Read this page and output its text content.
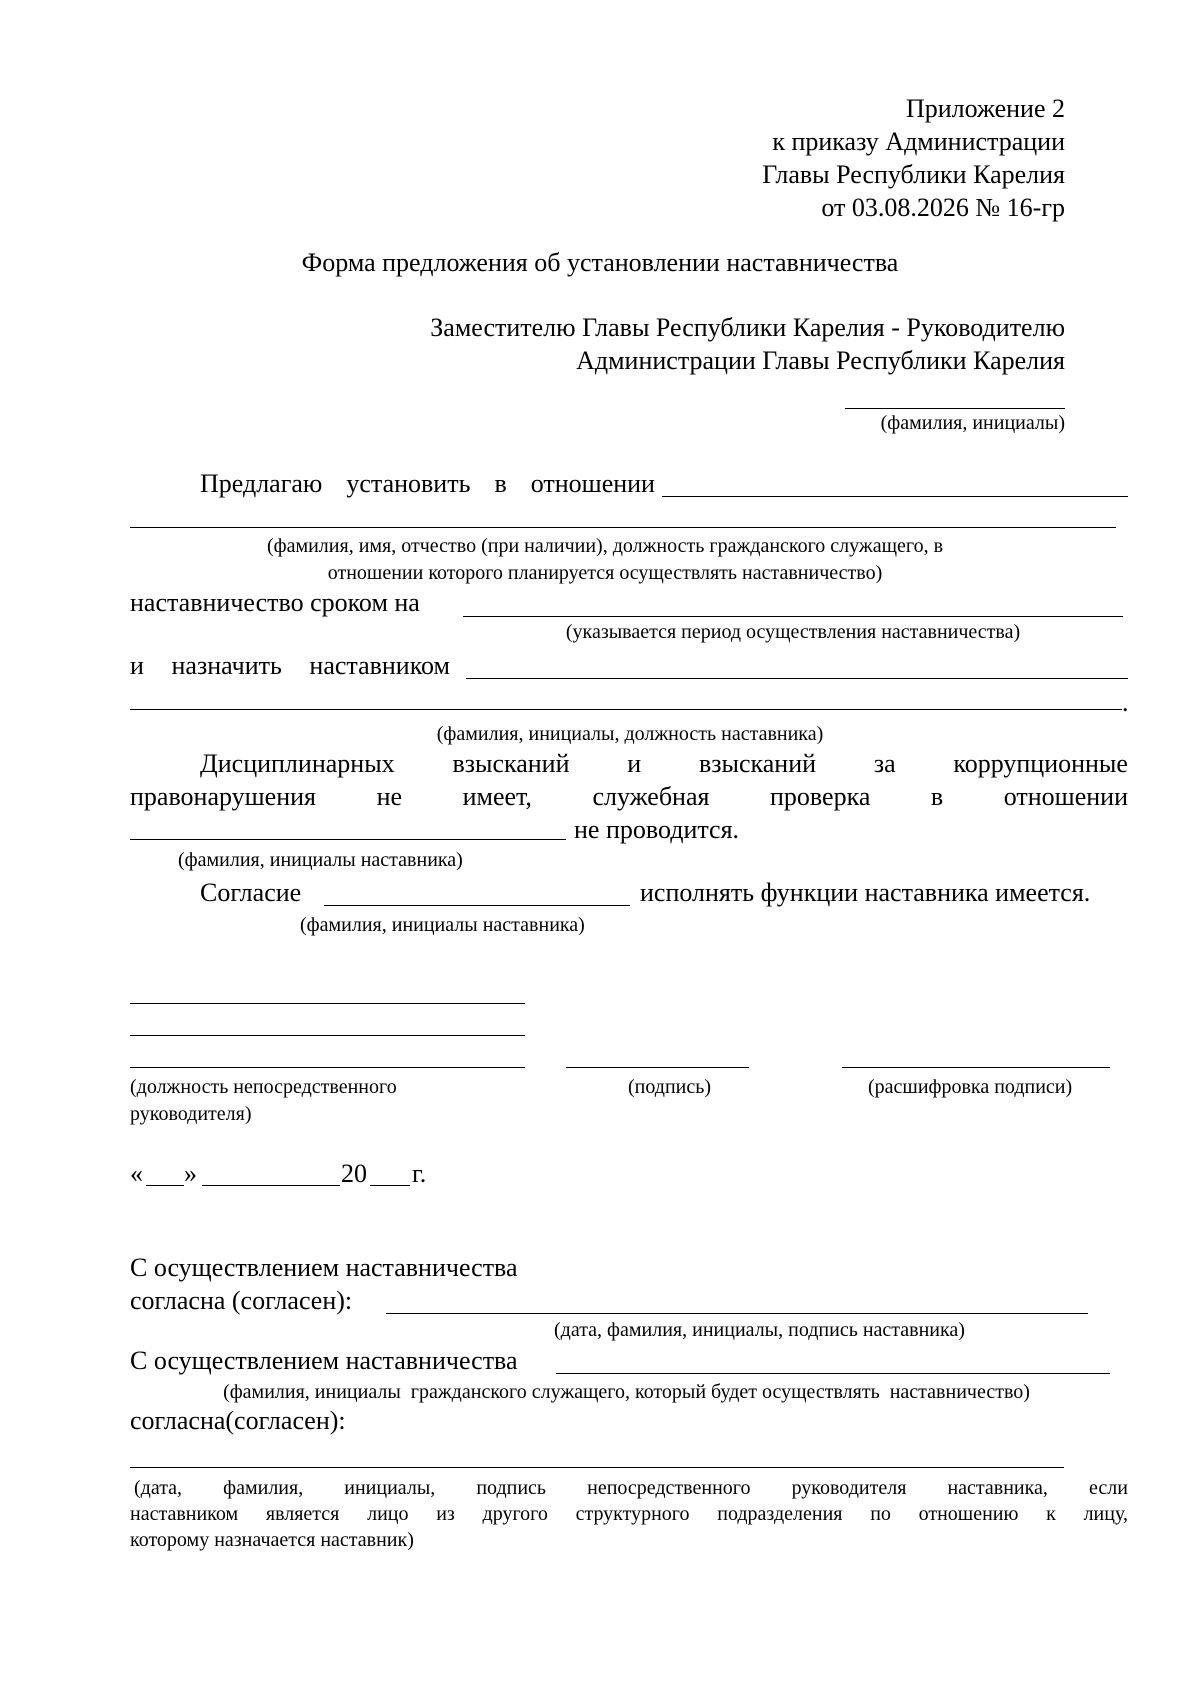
Приложение 2
к приказу Администрации
Главы Республики Карелия
от 03.08.2026 № 16-гр
Форма предложения об установлении наставничества
Заместителю Главы Республики Карелия - Руководителю
Администрации Главы Республики Карелия
(фамилия, инициалы)
Предлагаю установить в отношении
(фамилия, имя, отчество (при наличии), должность гражданского служащего, в
отношении которого планируется осуществлять наставничество)
наставничество сроком на
(указывается период осуществления наставничества)
и назначить наставником
.
(фамилия, инициалы, должность наставника)
Дисциплинарных взысканий и взысканий за коррупционные
правонарушения не имеет, служебная проверка в отношении
не проводится.
(фамилия, инициалы наставника)
Согласие	исполнять функции наставника имеется.
(фамилия, инициалы наставника)
(должность непосредственного
руководителя)
(подпись)	(расшифровка подписи)
« »	20 г.
С осуществлением наставничества
согласна (согласен):
(дата, фамилия, инициалы, подпись наставника)
С осуществлением наставничества
(фамилия, инициалы  гражданского служащего, который будет осуществлять  наставничество)
согласна(согласен):
(дата, фамилия, инициалы, подпись непосредственного руководителя наставника, если
наставником является лицо из другого структурного подразделения по отношению к лицу,
которому назначается наставник)
